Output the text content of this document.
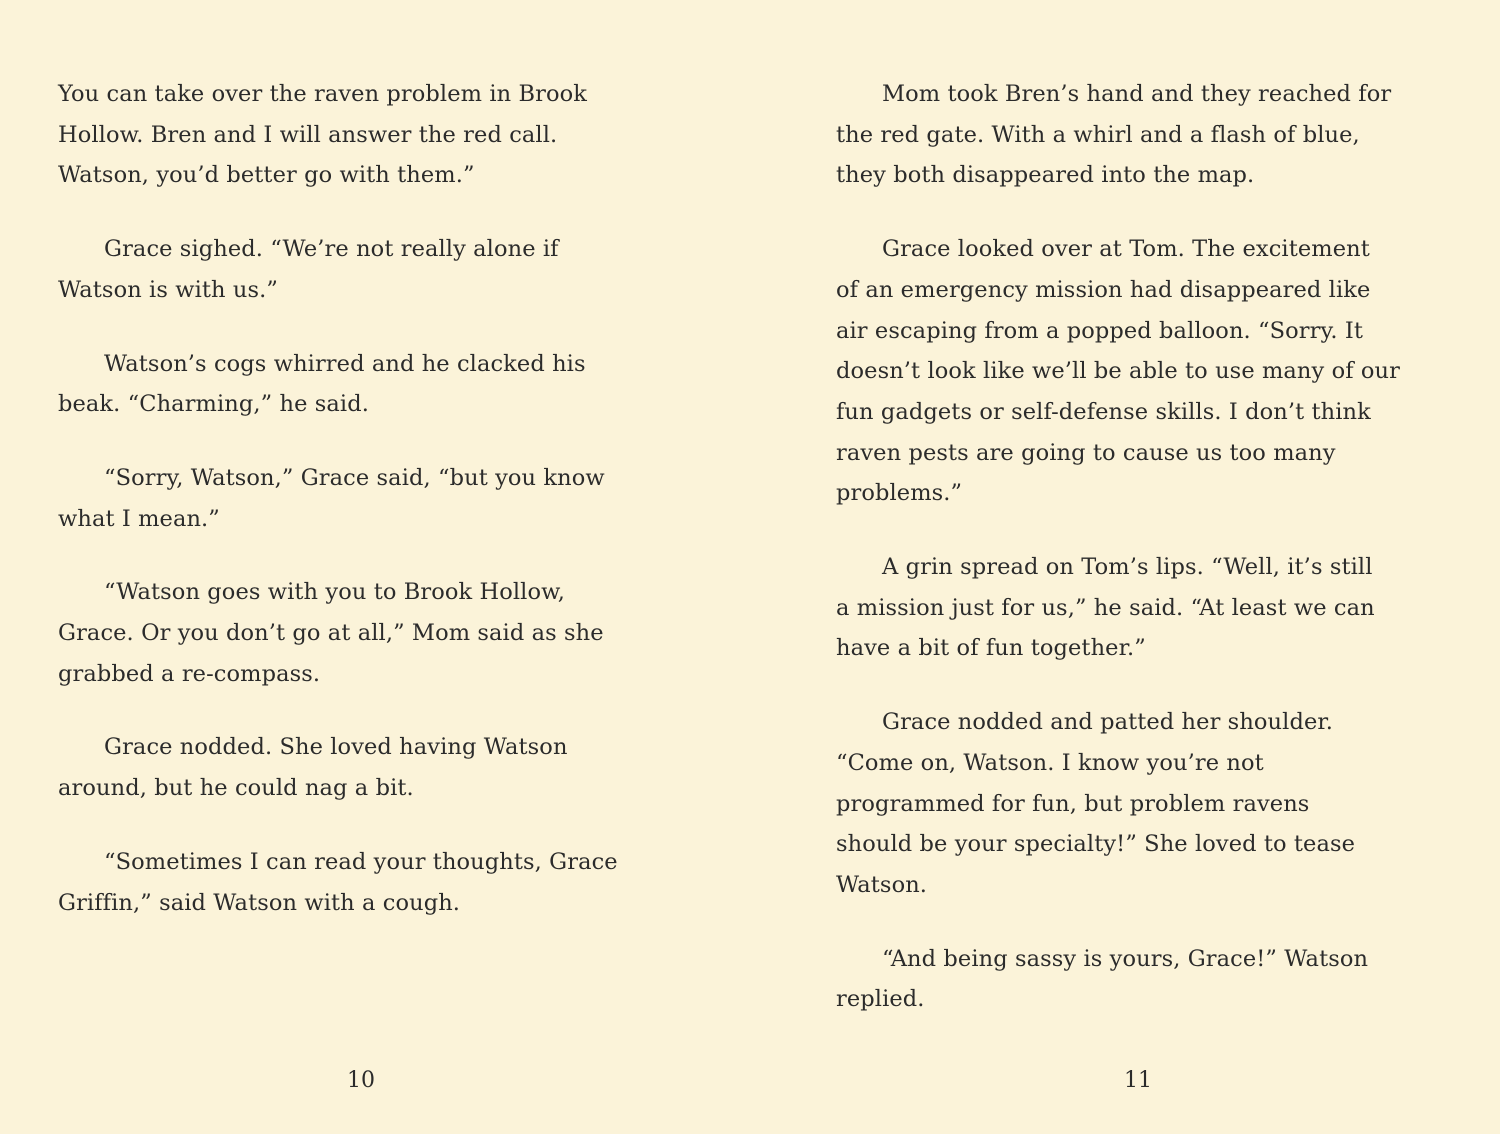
You can take over the raven problem in Brook
Hollow. Bren and I will answer the red call.
Watson, you’d better go with them.”

Grace sighed. “We’re not really alone if
Watson is with us.”

Watson’s cogs whirred and he clacked his
beak. “Charming,” he said.

“Sorry, Watson,” Grace said, “but you know
what I mean.”

“Watson goes with you to Brook Hollow,
Grace. Or you don’t go at all,” Mom said as she
grabbed a re-compass.

Grace nodded. She loved having Watson
around, but he could nag a bit.

“Sometimes I can read your thoughts, Grace
Griffin,” said Watson with a cough.

Mom took Bren’s hand and they reached for
the red gate. With a whirl and a flash of blue,
they both disappeared into the map.

Grace looked over at Tom. The excitement
of an emergency mission had disappeared like
air escaping from a popped balloon. “Sorry. It
doesn’t look like we’ll be able to use many of our
fun gadgets or self-defense skills. I don’t think
raven pests are going to cause us too many
problems.”

A grin spread on Tom’s lips. “Well, it’s still
a mission just for us,” he said. “At least we can
have a bit of fun together.”

Grace nodded and patted her shoulder.
“Come on, Watson. I know you’re not
programmed for fun, but problem ravens
should be your specialty!” She loved to tease
Watson.

“And being sassy is yours, Grace!” Watson
replied.

10	11
